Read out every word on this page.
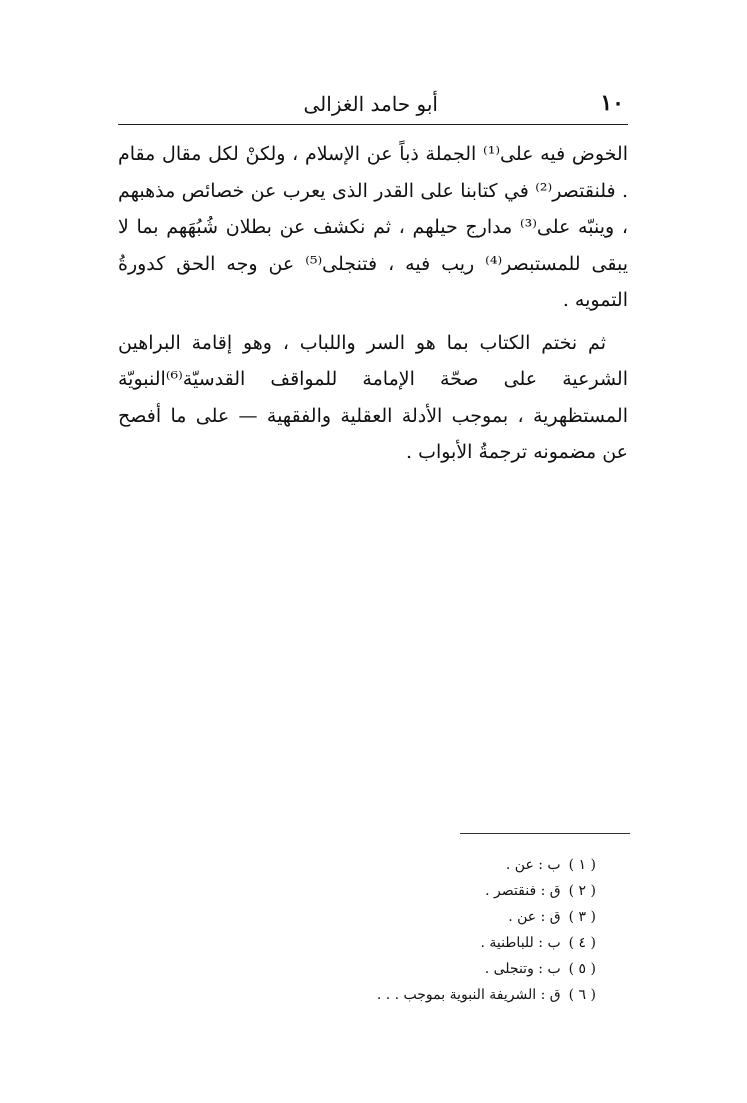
١٠
أبو حامد الغزالى

الخوض فيه على⁽¹⁾ الجملة ذباً عن الإسلام ، ولكنْ لكل مقال مقام . فلنقتصر⁽²⁾ في كتابنا على القدر الذى يعرب عن خصائص مذهبهم ، وينبّه على⁽³⁾ مدارج حيلهم ، ثم نكشف عن بطلان شُبُهَهم بما لا يبقى للمستبصر⁽⁴⁾ ريب فيه ، فتنجلى⁽⁵⁾ عن وجه الحق كدورةُ التمويه .

ثم نختم الكتاب بما هو السر واللباب ، وهو إقامة البراهين الشرعية على صحّة الإمامة للمواقف القدسيّة⁽⁶⁾النبويّة المستظهرية ، بموجب الأدلة العقلية والفقهية — على ما أفصح عن مضمونه ترجمةُ الأبواب .

( ١ )ب : عن .
( ٢ )ق : فنقتصر .
( ٣ )ق : عن .
( ٤ )ب : للباطنية .
( ٥ )ب : وتنجلى .
( ٦ )ق : الشريفة النبوية بموجب . . .
